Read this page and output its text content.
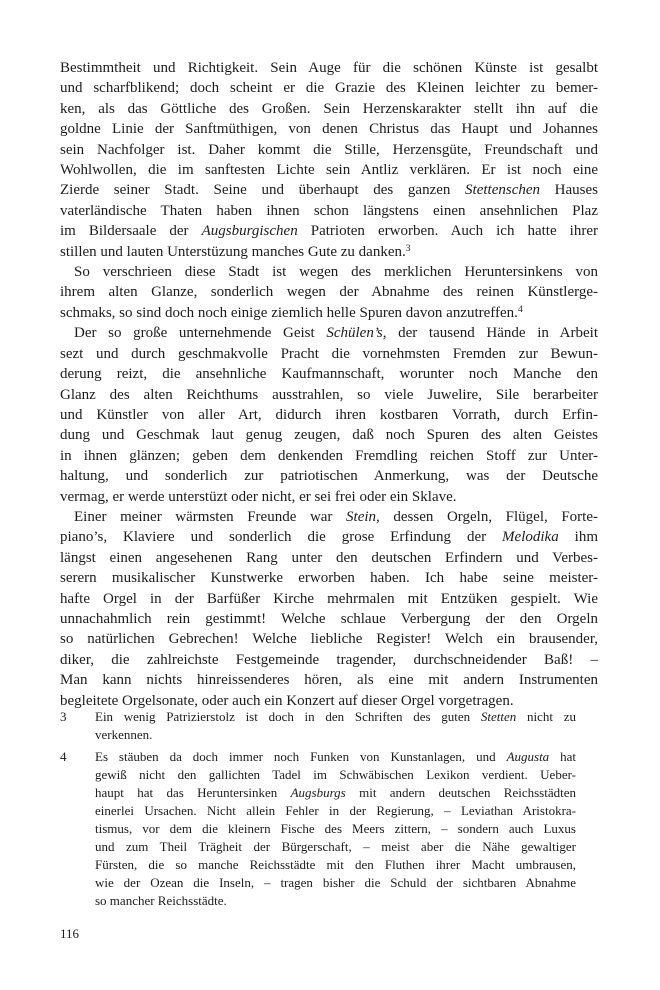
Bestimmtheit und Richtigkeit. Sein Auge für die schönen Künste ist gesalbt
und scharfblikend; doch scheint er die Grazie des Kleinen leichter zu bemer-
ken, als das Göttliche des Großen. Sein Herzenskarakter stellt ihn auf die
goldne Linie der Sanftmüthigen, von denen Christus das Haupt und Johannes
sein Nachfolger ist. Daher kommt die Stille, Herzensgüte, Freundschaft und
Wohlwollen, die im sanftesten Lichte sein Antliz verklären. Er ist noch eine
Zierde seiner Stadt. Seine und überhaupt des ganzen Stettenschen Hauses
vaterländische Thaten haben ihnen schon längstens einen ansehnlichen Plaz
im Bildersaale der Augsburgischen Patrioten erworben. Auch ich hatte ihrer
stillen und lauten Unterstüzung manches Gute zu danken.$^3$
So verschrieen diese Stadt ist wegen des merklichen Heruntersinkens von
ihrem alten Glanze, sonderlich wegen der Abnahme des reinen Künstlerge-
schmaks, so sind doch noch einige ziemlich helle Spuren davon anzutreffen.$^4$
Der so große unternehmende Geist Schülen’s, der tausend Hände in Arbeit
sezt und durch geschmakvolle Pracht die vornehmsten Fremden zur Bewun-
derung reizt, die ansehnliche Kaufmannschaft, worunter noch Manche den
Glanz des alten Reichthums ausstrahlen, so viele Juwelire, Sile berarbeiter
und Künstler von aller Art, didurch ihren kostbaren Vorrath, durch Erfin-
dung und Geschmak laut genug zeugen, daß noch Spuren des alten Geistes
in ihnen glänzen; geben dem denkenden Fremdling reichen Stoff zur Unter-
haltung, und sonderlich zur patriotischen Anmerkung, was der Deutsche
vermag, er werde unterstüzt oder nicht, er sei frei oder ein Sklave.
Einer meiner wärmsten Freunde war Stein, dessen Orgeln, Flügel, Forte-
piano’s, Klaviere und sonderlich die grose Erfindung der Melodika ihm
längst einen angesehenen Rang unter den deutschen Erfindern und Verbes-
serern musikalischer Kunstwerke erworben haben. Ich habe seine meister-
hafte Orgel in der Barfüßer Kirche mehrmalen mit Entzüken gespielt. Wie
unnachahmlich rein gestimmt! Welche schlaue Verbergung der den Orgeln
so natürlichen Gebrechen! Welche liebliche Register! Welch ein brausender,
diker, die zahlreichste Festgemeinde tragender, durchschneidender Baß! –
Man kann nichts hinreissenderes hören, als eine mit andern Instrumenten
begleitete Orgelsonate, oder auch ein Konzert auf dieser Orgel vorgetragen.
3 Ein wenig Patrizierstolz ist doch in den Schriften des guten Stetten nicht zu
verkennen.
4 Es stäuben da doch immer noch Funken von Kunstanlagen, und Augusta hat
gewiß nicht den gallichten Tadel im Schwäbischen Lexikon verdient. Ueber-
haupt hat das Heruntersinken Augsburgs mit andern deutschen Reichsstädten
einerlei Ursachen. Nicht allein Fehler in der Regierung, – Leviathan Aristokra-
tismus, vor dem die kleinern Fische des Meers zittern, – sondern auch Luxus
und zum Theil Trägheit der Bürgerschaft, – meist aber die Nähe gewaltiger
Fürsten, die so manche Reichsstädte mit den Fluthen ihrer Macht umbrausen,
wie der Ozean die Inseln, – tragen bisher die Schuld der sichtbaren Abnahme
so mancher Reichsstädte.
116
